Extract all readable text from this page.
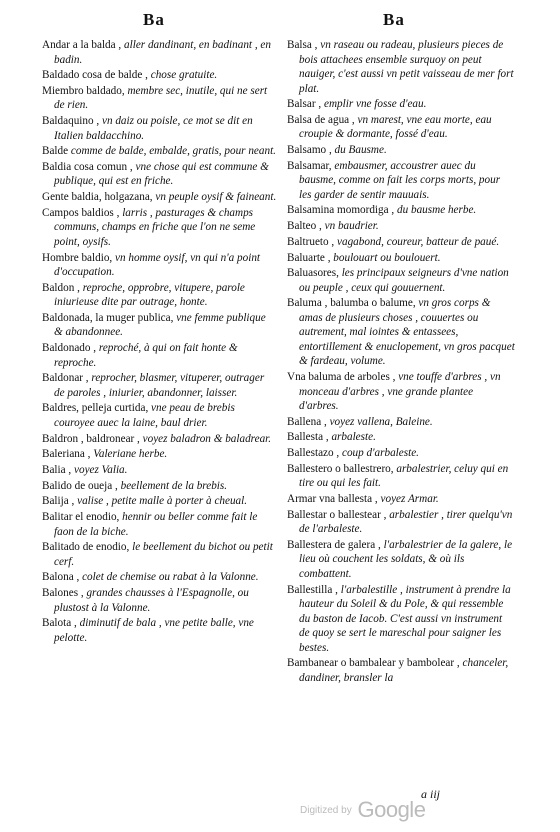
Ba	Ba
Andar a la balda , aller dandinant, en badinant , en badin.
Baldado cosa de balde , chose gratuite.
Miembro baldado, membre sec, inutile, qui ne sert de rien.
Baldaquino , vn daiz ou poisle, ce mot se dit en Italien baldacchino.
Balde comme de balde, embalde, gratis, pour neant.
Baldia cosa comun , vne chose qui est commune & publique, qui est en friche.
Gente baldia, holgazana, vn peuple oysif & faineant.
Campos baldios , larris , pasturages & champs communs, champs en friche que l'on ne seme point, oysifs.
Hombre baldio, vn homme oysif, vn qui n'a point d'occupation.
Baldon , reproche, opprobre, vitupere, parole iniurieuse dite par outrage, honte.
Baldonada, la muger publica, vne femme publique & abandonnee.
Baldonado , reproché, à qui on fait honte & reproche.
Baldonar , reprocher, blasmer, vituperer, outrager de paroles , iniurier, abandonner, laisser.
Baldres, pelleja curtida, vne peau de brebis couroyee auec la laine, baul drier.
Baldron , baldronear , voyez baladron & baladrear.
Baleriana , Valeriane herbe.
Balia , voyez Valia.
Balido de oueja , beellement de la brebis.
Balija , valise , petite malle à porter à cheual.
Balitar el enodio, hennir ou beller comme fait le faon de la biche.
Balitado de enodio, le beellement du bichot ou petit cerf.
Balona , colet de chemise ou rabat à la Valonne.
Balones , grandes chausses à l'Espagnolle, ou plustost à la Valonne.
Balota , diminutif de bala , vne petite balle, vne pelotte.
Balsa , vn raseau ou radeau, plusieurs pieces de bois attachees ensemble surquoy on peut nauiger, c'est aussi vn petit vaisseau de mer fort plat.
Balsar , emplir vne fosse d'eau.
Balsa de agua , vn marest, vne eau morte, eau croupie & dormante, fossé d'eau.
Balsamo , du Bausme.
Balsamar, embausmer, accoustrer auec du bausme, comme on fait les corps morts, pour les garder de sentir mauuais.
Balsamina momordiga , du bausme herbe.
Balteo , vn baudrier.
Baltrueto , vagabond, coureur, batteur de paué.
Baluarte , boulouart ou boulouert.
Baluasores, les principaux seigneurs d'vne nation ou peuple , ceux qui gouuernent.
Baluma , balumba o balume, vn gros corps & amas de plusieurs choses , couuertes ou autrement, mal iointes & entassees, entortillement & enuclopement, vn gros pacquet & fardeau, volume.
Vna baluma de arboles , vne touffe d'arbres , vn monceau d'arbres , vne grande plantee d'arbres.
Ballena , voyez vallena, Baleine.
Ballesta , arbaleste.
Ballestazo , coup d'arbaleste.
Ballestero o ballestrero, arbalestrier, celuy qui en tire ou qui les fait.
Armar vna ballesta , voyez Armar.
Ballestar o ballestear , arbalestier , tirer quelqu'vn de l'arbaleste.
Ballestera de galera , l'arbalestrier de la galere, le lieu où couchent les soldats, & où ils combattent.
Ballestilla , l'arbalestille , instrument à prendre la hauteur du Soleil & du Pole, & qui ressemble du baston de Iacob. C'est aussi vn instrument de quoy se sert le mareschal pour saigner les bestes.
Bambanear o bambalear y bambolear , chanceler, dandiner, bransler la
a iij
Digitized by Google
